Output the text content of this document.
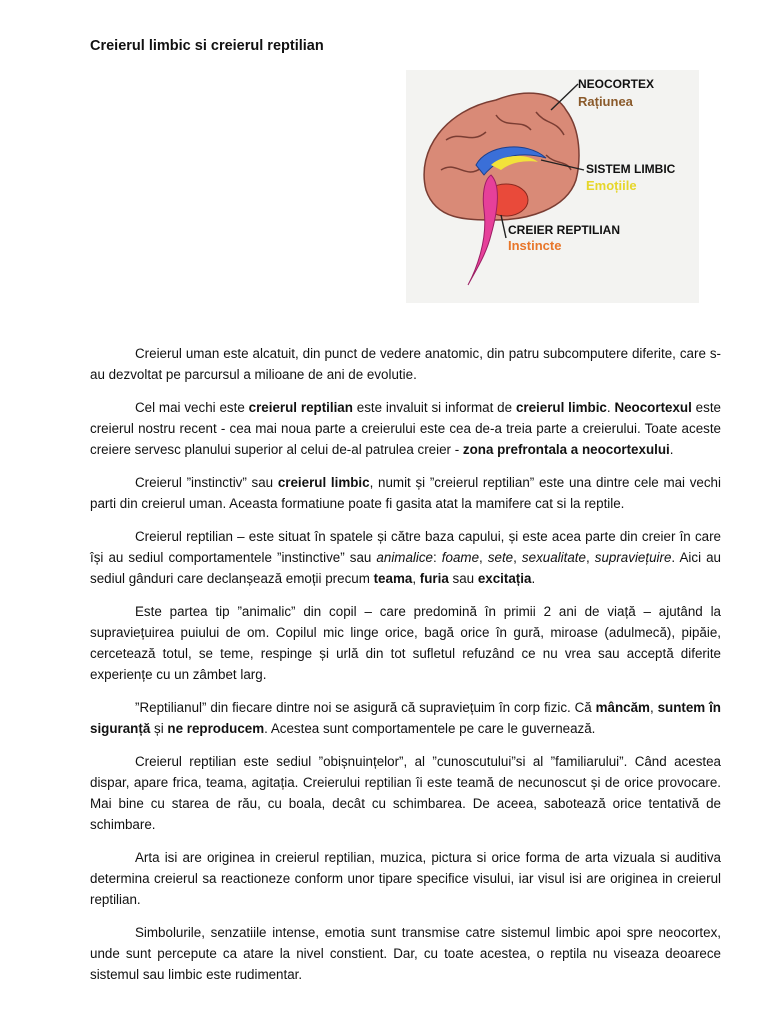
Creierul limbic si creierul reptilian
NEOCORTEX
Rațiunea
SISTEM LIMBIC
Emoțiile
CREIER REPTILIAN
Instincte

Creierul uman este alcatuit, din punct de vedere anatomic, din patru subcomputere diferite, care s-au dezvoltat pe parcursul a milioane de ani de evolutie.

Cel mai vechi este creierul reptilian este invaluit si informat de creierul limbic. Neocortexul este creierul nostru recent - cea mai noua parte a creierului este cea de-a treia parte a creierului. Toate aceste creiere servesc planului superior al celui de-al patrulea creier - zona prefrontala a neocortexului.

Creierul ”instinctiv” sau creierul limbic, numit și ”creierul reptilian” este una dintre cele mai vechi parti din creierul uman. Aceasta formatiune poate fi gasita atat la mamifere cat si la reptile.

Creierul reptilian – este situat în spatele și către baza capului, și este acea parte din creier în care își au sediul comportamentele ”instinctive” sau animalice: foame, sete, sexualitate, supraviețuire. Aici au sediul gânduri care declanșează emoții precum teama, furia sau excitația.

Este partea tip ”animalic” din copil – care predomină în primii 2 ani de viață – ajutând la supraviețuirea puiului de om. Copilul mic linge orice, bagă orice în gură, miroase (adulmecă), pipăie, cercetează totul, se teme, respinge și urlă din tot sufletul refuzând ce nu vrea sau acceptă diferite experiențe cu un zâmbet larg.

”Reptilianul” din fiecare dintre noi se asigură că supraviețuim în corp fizic. Că mâncăm, suntem în siguranță și ne reproducem. Acestea sunt comportamentele pe care le guvernează.

Creierul reptilian este sediul ”obișnuințelor”, al ”cunoscutului”si al ”familiarului”. Când acestea dispar, apare frica, teama, agitația. Creierului reptilian îi este teamă de necunoscut și de orice provocare. Mai bine cu starea de rău, cu boala, decât cu schimbarea. De aceea, sabotează orice tentativă de schimbare.

Arta isi are originea in creierul reptilian, muzica, pictura si orice forma de arta vizuala si auditiva determina creierul sa reactioneze conform unor tipare specifice visului, iar visul isi are originea in creierul reptilian.

Simbolurile, senzatiile intense, emotia sunt transmise catre sistemul limbic apoi spre neocortex, unde sunt percepute ca atare la nivel constient. Dar, cu toate acestea, o reptila nu viseaza deoarece sistemul sau limbic este rudimentar.
